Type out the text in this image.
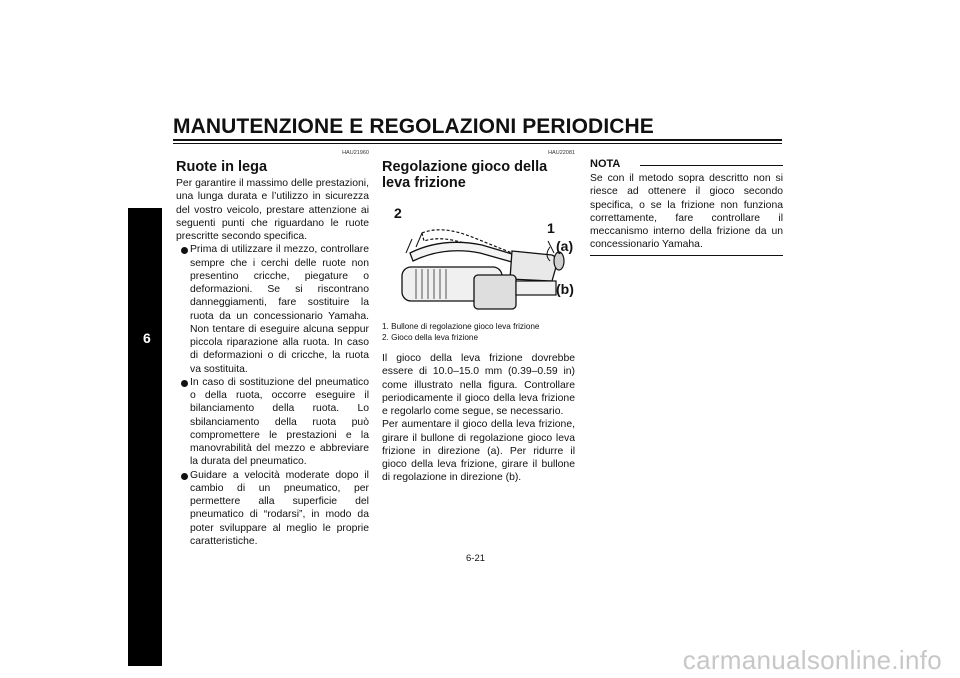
MANUTENZIONE E REGOLAZIONI PERIODICHE
6
HAU21960
Ruote in lega

Per garantire il massimo delle prestazioni, una lunga durata e l’utilizzo in sicurezza del vostro veicolo, prestare attenzione ai seguenti punti che riguardano le ruote prescritte secondo specifica.

Prima di utilizzare il mezzo, controllare sempre che i cerchi delle ruote non presentino cricche, piegature o deformazioni. Se si riscontrano danneggiamenti, fare sostituire la ruota da un concessionario Yamaha. Non tentare di eseguire alcuna seppur piccola riparazione alla ruota. In caso di deformazioni o di cricche, la ruota va sostituita.
In caso di sostituzione del pneumatico o della ruota, occorre eseguire il bilanciamento della ruota. Lo sbilanciamento della ruota può compromettere le prestazioni e la manovrabilità del mezzo e abbreviare la durata del pneumatico.
Guidare a velocità moderate dopo il cambio di un pneumatico, per permettere alla superficie del pneumatico di “rodarsi”, in modo da poter sviluppare al meglio le proprie caratteristiche.
HAU22081
Regolazione gioco della leva frizione
2
1
(a)
(b)
1. Bullone di regolazione gioco leva frizione
2. Gioco della leva frizione

Il gioco della leva frizione dovrebbe essere di 10.0–15.0 mm (0.39–0.59 in) come illustrato nella figura. Controllare periodicamente il gioco della leva frizione e regolarlo come segue, se necessario.

Per aumentare il gioco della leva frizione, girare il bullone di regolazione gioco leva frizione in direzione (a). Per ridurre il gioco della leva frizione, girare il bullone di regolazione in direzione (b).

NOTA

Se con il metodo sopra descritto non si riesce ad ottenere il gioco secondo specifica, o se la frizione non funziona correttamente, fare controllare il meccanismo interno della frizione da un concessionario Yamaha.

6-21
carmanualsonline.info
